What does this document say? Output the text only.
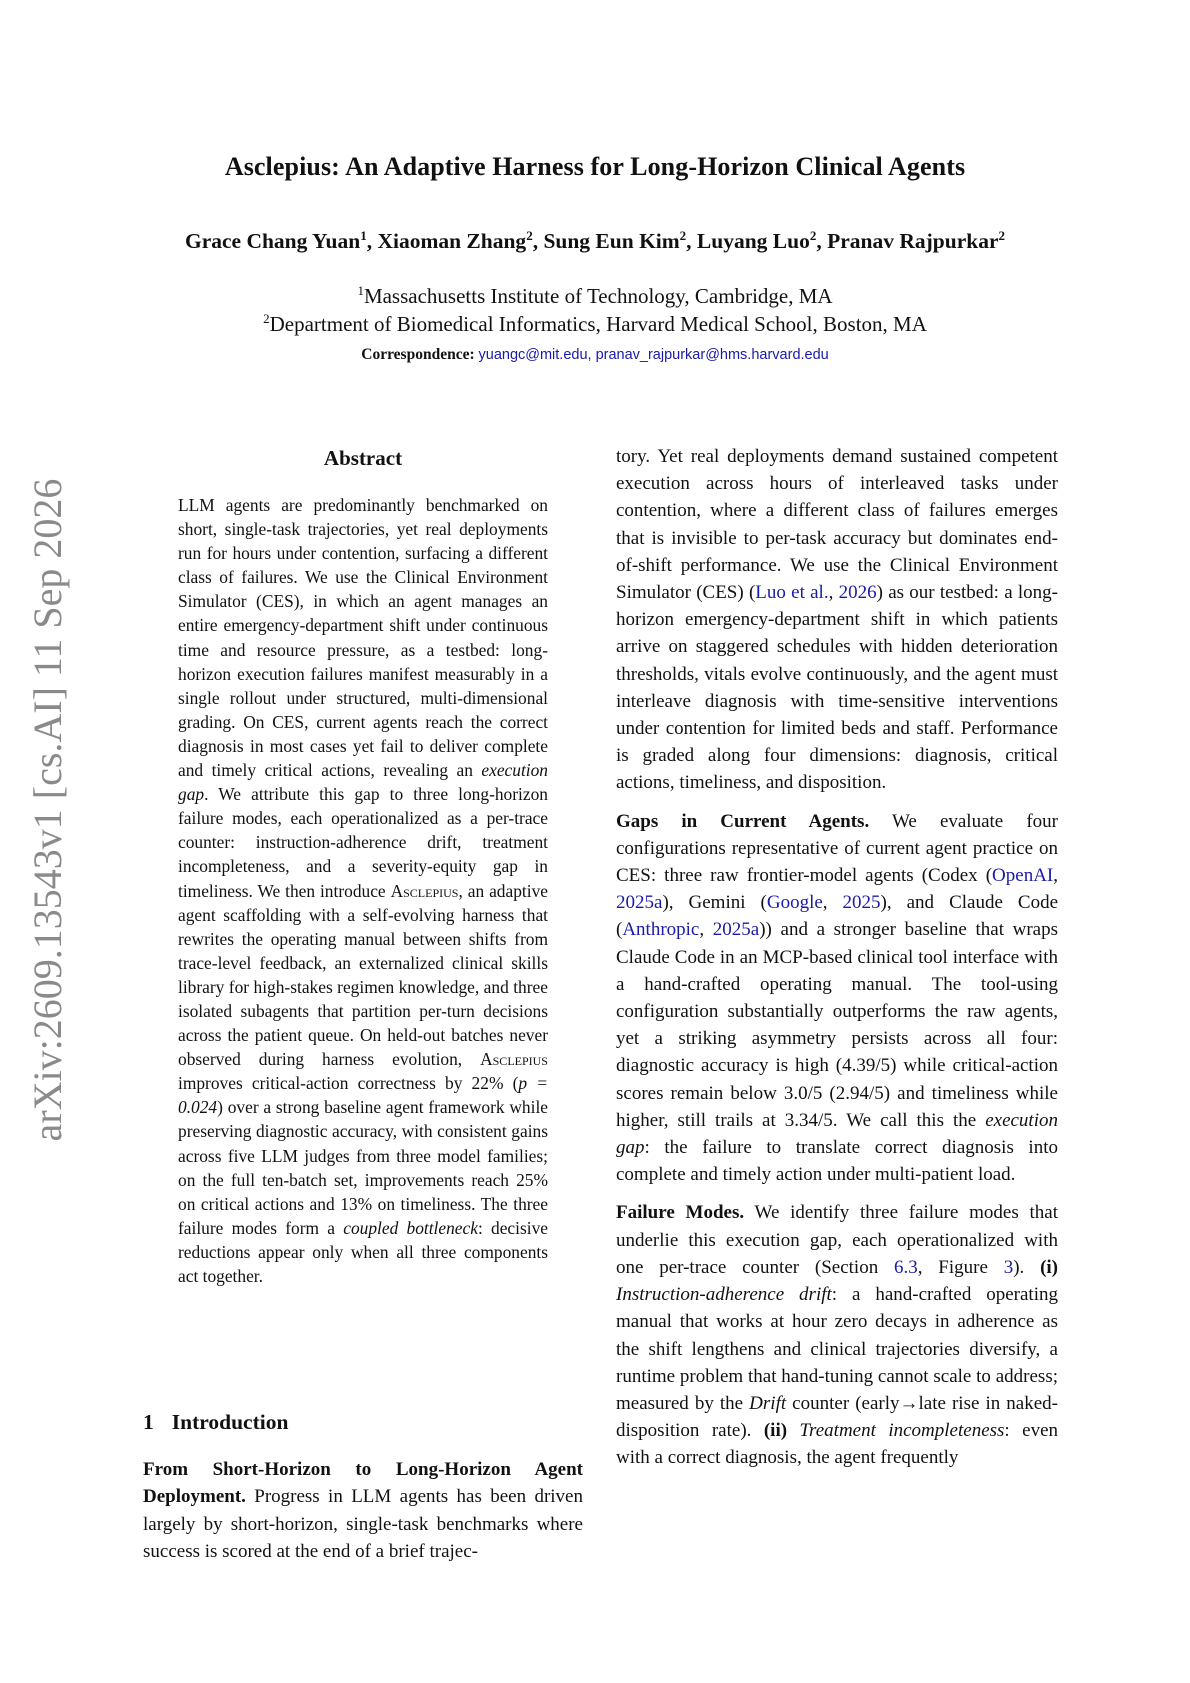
Asclepius: An Adaptive Harness for Long-Horizon Clinical Agents
Grace Chang Yuan$^1$, Xiaoman Zhang$^2$, Sung Eun Kim$^2$, Luyang Luo$^2$, Pranav Rajpurkar$^2$
$^1$Massachusetts Institute of Technology, Cambridge, MA
$^2$Department of Biomedical Informatics, Harvard Medical School, Boston, MA
Correspondence: yuangc@mit.edu, pranav_rajpurkar@hms.harvard.edu
arXiv:2609.13543v1 [cs.AI] 11 Sep 2026
Abstract
LLM agents are predominantly benchmarked on short, single-task trajectories, yet real deployments run for hours under contention, surfacing a different class of failures. We use the Clinical Environment Simulator (CES), in which an agent manages an entire emergency-department shift under continuous time and resource pressure, as a testbed: long-horizon execution failures manifest measurably in a single rollout under structured, multi-dimensional grading. On CES, current agents reach the correct diagnosis in most cases yet fail to deliver complete and timely critical actions, revealing an execution gap. We attribute this gap to three long-horizon failure modes, each operationalized as a per-trace counter: instruction-adherence drift, treatment incompleteness, and a severity-equity gap in timeliness. We then introduce Asclepius, an adaptive agent scaffolding with a self-evolving harness that rewrites the operating manual between shifts from trace-level feedback, an externalized clinical skills library for high-stakes regimen knowledge, and three isolated subagents that partition per-turn decisions across the patient queue. On held-out batches never observed during harness evolution, Asclepius improves critical-action correctness by 22% (p = 0.024) over a strong baseline agent framework while preserving diagnostic accuracy, with consistent gains across five LLM judges from three model families; on the full ten-batch set, improvements reach 25% on critical actions and 13% on timeliness. The three failure modes form a coupled bottleneck: decisive reductions appear only when all three components act together.
1 Introduction
From Short-Horizon to Long-Horizon Agent Deployment. Progress in LLM agents has been driven largely by short-horizon, single-task benchmarks where success is scored at the end of a brief trajec-

tory. Yet real deployments demand sustained competent execution across hours of interleaved tasks under contention, where a different class of failures emerges that is invisible to per-task accuracy but dominates end-of-shift performance. We use the Clinical Environment Simulator (CES) (Luo et al., 2026) as our testbed: a long-horizon emergency-department shift in which patients arrive on staggered schedules with hidden deterioration thresholds, vitals evolve continuously, and the agent must interleave diagnosis with time-sensitive interventions under contention for limited beds and staff. Performance is graded along four dimensions: diagnosis, critical actions, timeliness, and disposition.

Gaps in Current Agents. We evaluate four configurations representative of current agent practice on CES: three raw frontier-model agents (Codex (OpenAI, 2025a), Gemini (Google, 2025), and Claude Code (Anthropic, 2025a)) and a stronger baseline that wraps Claude Code in an MCP-based clinical tool interface with a hand-crafted operating manual. The tool-using configuration substantially outperforms the raw agents, yet a striking asymmetry persists across all four: diagnostic accuracy is high (4.39/5) while critical-action scores remain below 3.0/5 (2.94/5) and timeliness while higher, still trails at 3.34/5. We call this the execution gap: the failure to translate correct diagnosis into complete and timely action under multi-patient load.

Failure Modes. We identify three failure modes that underlie this execution gap, each operationalized with one per-trace counter (Section 6.3, Figure 3). (i) Instruction-adherence drift: a hand-crafted operating manual that works at hour zero decays in adherence as the shift lengthens and clinical trajectories diversify, a runtime problem that hand-tuning cannot scale to address; measured by the Drift counter (early→late rise in naked-disposition rate). (ii) Treatment incompleteness: even with a correct diagnosis, the agent frequently
